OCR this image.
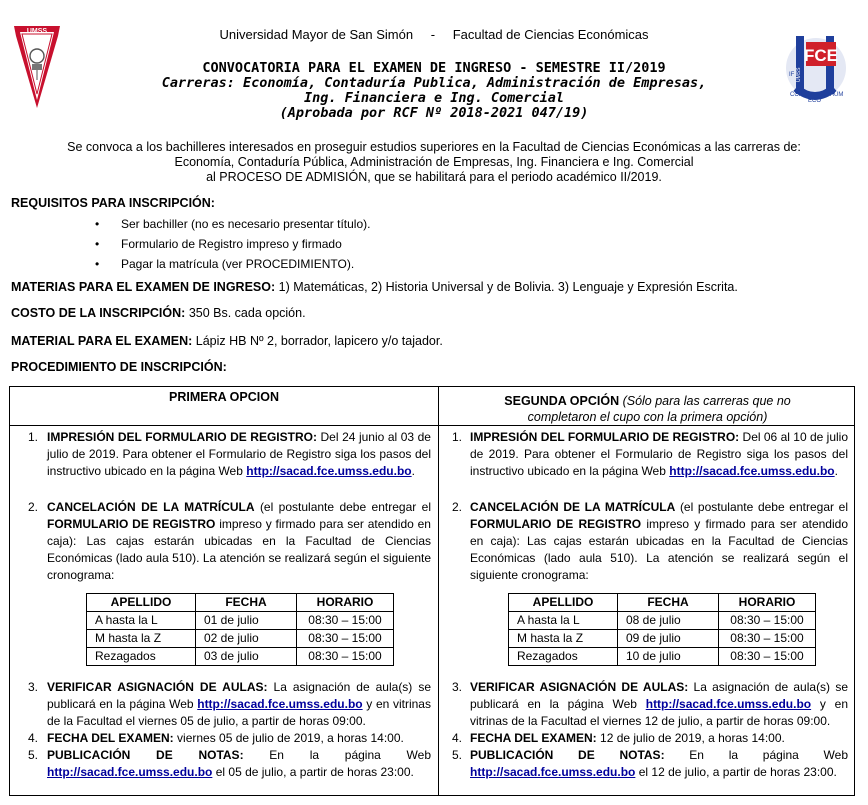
UMSS
FCE
IF
CCP
ECO
AUM
UMSS
Universidad Mayor de San Simón - Facultad de Ciencias Económicas
CONVOCATORIA PARA EL EXAMEN DE INGRESO - SEMESTRE II/2019
Carreras: Economía, Contaduría Publica, Administración de Empresas,
Ing. Financiera e Ing. Comercial
(Aprobada por RCF Nº 2018-2021 047/19)
Se convoca a los bachilleres interesados en proseguir estudios superiores en la Facultad de Ciencias Económicas a las carreras de:
Economía, Contaduría Pública, Administración de Empresas, Ing. Financiera e Ing. Comercial
al PROCESO DE ADMISIÓN, que se habilitará para el periodo académico II/2019.
REQUISITOS PARA INSCRIPCIÓN:
• Ser bachiller (no es necesario presentar título).
• Formulario de Registro impreso y firmado
• Pagar la matrícula (ver PROCEDIMIENTO).
MATERIAS PARA EL EXAMEN DE INGRESO: 1) Matemáticas, 2) Historia Universal y de Bolivia. 3) Lenguaje y Expresión Escrita.
COSTO DE LA INSCRIPCIÓN: 350 Bs. cada opción.
MATERIAL PARA EL EXAMEN: Lápiz HB Nº 2, borrador, lapicero y/o tajador.
PROCEDIMIENTO DE INSCRIPCIÓN:
PRIMERA OPCION	SEGUNDA OPCIÓN (Sólo para las carreras que no
completaron el cupo con la primera opción)
1. IMPRESIÓN DEL FORMULARIO DE REGISTRO: Del 24 junio al 03 de julio de 2019. Para obtener el Formulario de Registro siga los pasos del instructivo ubicado en la página Web http://sacad.fce.umss.edu.bo.
2. CANCELACIÓN DE LA MATRÍCULA (el postulante debe entregar el FORMULARIO DE REGISTRO impreso y firmado para ser atendido en caja): Las cajas estarán ubicadas en la Facultad de Ciencias Económicas (lado aula 510). La atención se realizará según el siguiente cronograma:
APELLIDO	FECHA	HORARIO
A hasta la L	01 de julio	08:30 – 15:00
M hasta la Z	02 de julio	08:30 – 15:00
Rezagados	03 de julio	08:30 – 15:00
3. VERIFICAR ASIGNACIÓN DE AULAS: La asignación de aula(s) se publicará en la página Web http://sacad.fce.umss.edu.bo y en vitrinas de la Facultad el viernes 05 de julio, a partir de horas 09:00.
4. FECHA DEL EXAMEN: viernes 05 de julio de 2019, a horas 14:00.
5. PUBLICACIÓN DE NOTAS: En la página Web http://sacad.fce.umss.edu.bo el 05 de julio, a partir de horas 23:00.
1. IMPRESIÓN DEL FORMULARIO DE REGISTRO: Del 06 al 10 de julio de 2019. Para obtener el Formulario de Registro siga los pasos del instructivo ubicado en la página Web http://sacad.fce.umss.edu.bo.
2. CANCELACIÓN DE LA MATRÍCULA (el postulante debe entregar el FORMULARIO DE REGISTRO impreso y firmado para ser atendido en caja): Las cajas estarán ubicadas en la Facultad de Ciencias Económicas (lado aula 510). La atención se realizará según el siguiente cronograma:
APELLIDO	FECHA	HORARIO
A hasta la L	08 de julio	08:30 – 15:00
M hasta la Z	09 de julio	08:30 – 15:00
Rezagados	10 de julio	08:30 – 15:00
3. VERIFICAR ASIGNACIÓN DE AULAS: La asignación de aula(s) se publicará en la página Web http://sacad.fce.umss.edu.bo y en vitrinas de la Facultad el viernes 12 de julio, a partir de horas 09:00.
4. FECHA DEL EXAMEN: 12 de julio de 2019, a horas 14:00.
5. PUBLICACIÓN DE NOTAS: En la página Web http://sacad.fce.umss.edu.bo el 12 de julio, a partir de horas 23:00.
